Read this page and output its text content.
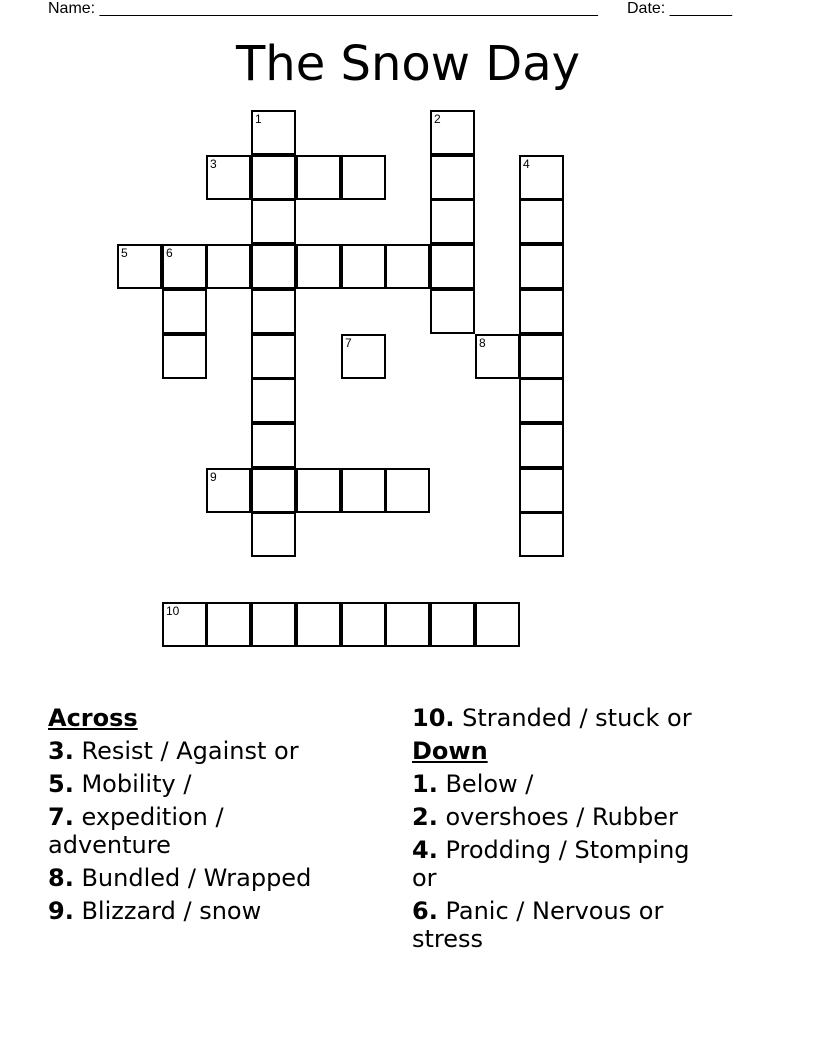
Name: ________________________________________________________ Date: _______
The Snow Day
1	2
3	4
5	6
7	8
9
10
Across
3. Resist / Against or
5. Mobility /
7. expedition / adventure
8. Bundled / Wrapped
9. Blizzard / snow
10. Stranded / stuck or
Down
1. Below /
2. overshoes / Rubber
4. Prodding / Stomping or
6. Panic / Nervous or stress
